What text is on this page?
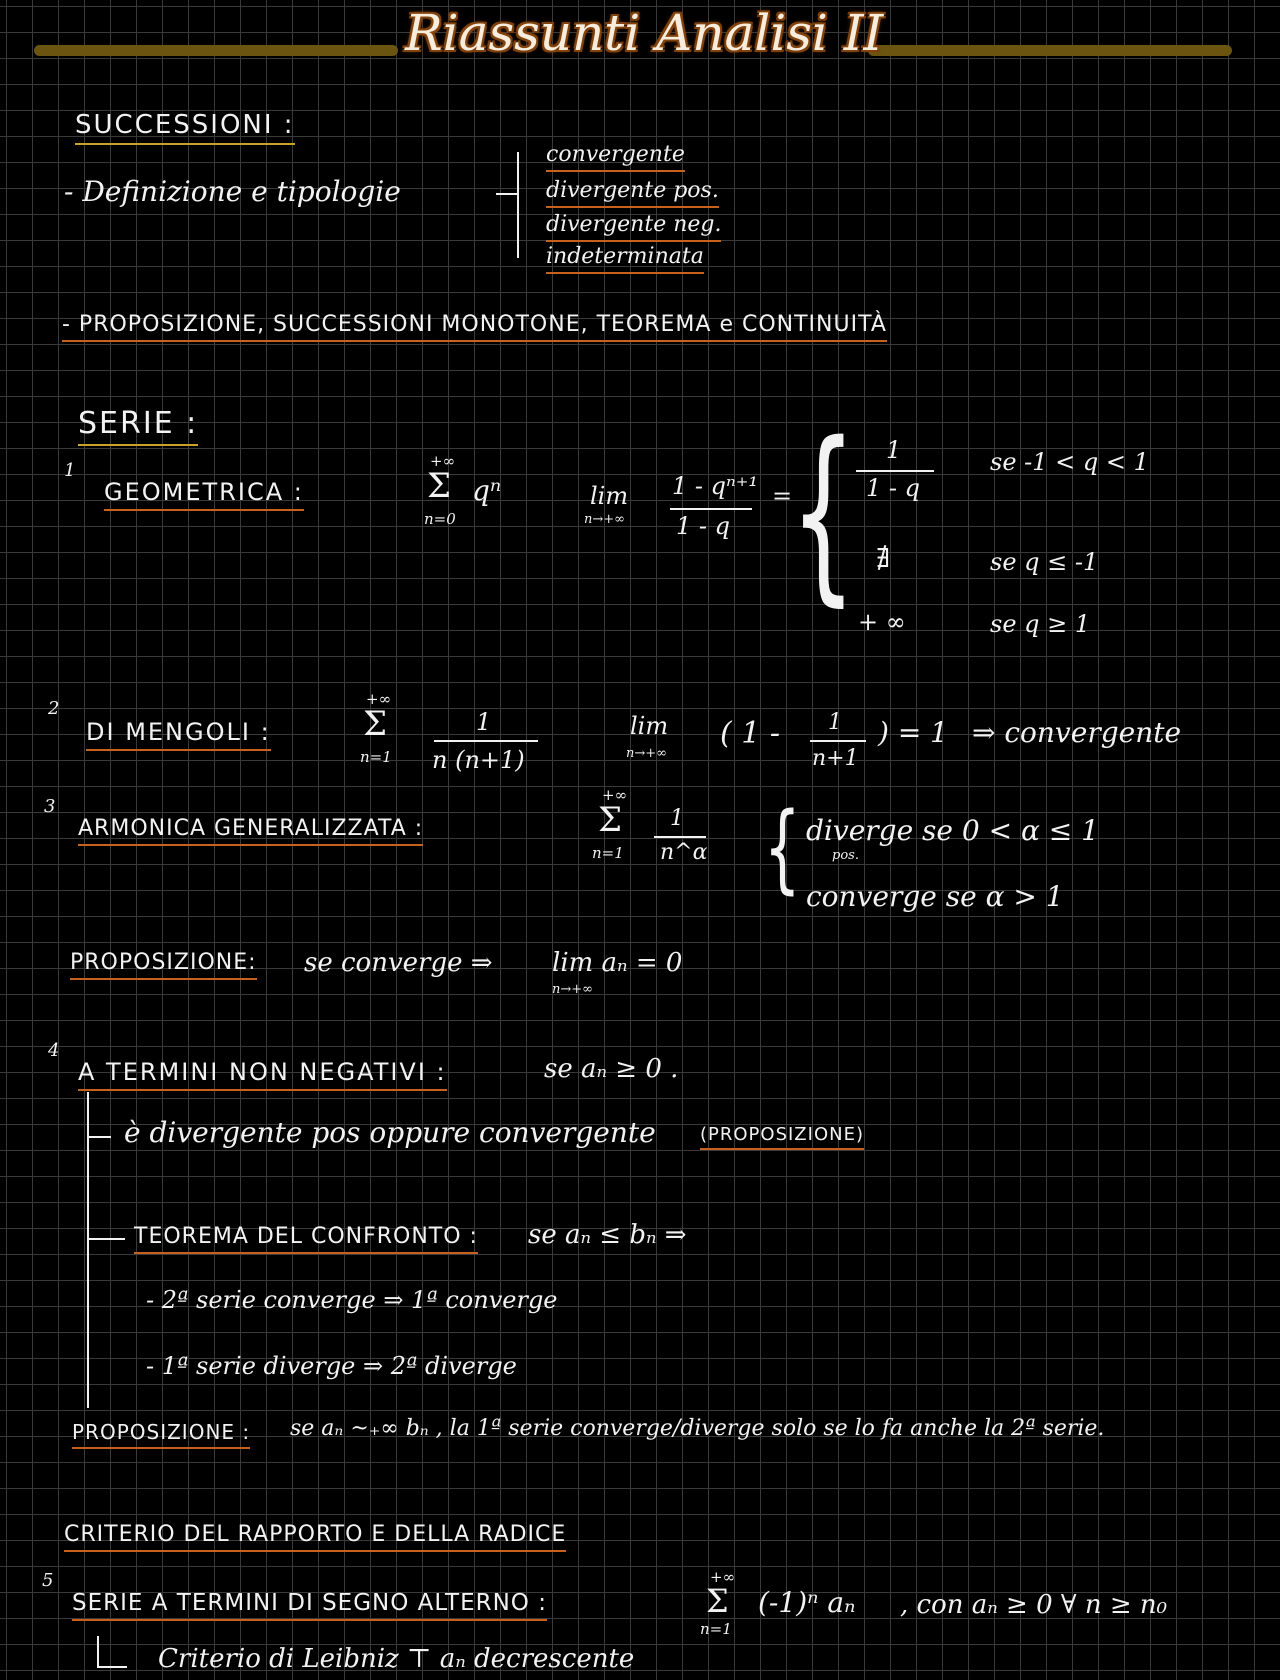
Riassunti Analisi II
SUCCESSIONI :
- Definizione e tipologie
convergente
divergente pos.
divergente neg.
indeterminata
- PROPOSIZIONE, SUCCESSIONI MONOTONE, TEOREMA e CONTINUITÀ
SERIE :
1
GEOMETRICA :
+∞
Σ
n=0
qⁿ	lim
n→+∞
1 - qⁿ⁺¹
1 - q
=
{ 1
1 - q
se -1 < q < 1
∄	se q ≤ -1
+ ∞	se q ≥ 1
2
DI MENGOLI :
+∞
Σ
n=1
1
n (n+1)
lim
n→+∞
( 1 - 1
n+1
) = 1 ⇒ convergente
3
ARMONICA GENERALIZZATA :
+∞
Σ
n=1
1
n^α { diverge se 0 < α ≤ 1
pos.
converge se α > 1
PROPOSIZIONE: se converge ⇒ lim aₙ = 0
n→+∞
4
A TERMINI NON NEGATIVI :	se aₙ ≥ 0 .
è divergente pos oppure convergente (PROPOSIZIONE)
TEOREMA DEL CONFRONTO : se aₙ ≤ bₙ ⇒
- 2ª serie converge ⇒ 1ª converge
- 1ª serie diverge ⇒ 2ª diverge
PROPOSIZIONE : se aₙ ~₊∞ bₙ , la 1ª serie converge/diverge solo se lo fa anche la 2ª serie.
CRITERIO DEL RAPPORTO E DELLA RADICE
5
SERIE A TERMINI DI SEGNO ALTERNO :
+∞
Σ
n=1
(-1)ⁿ aₙ , con aₙ ≥ 0 ∀ n ≥ n₀
Criterio di Leibniz ⊤ aₙ decrescente
